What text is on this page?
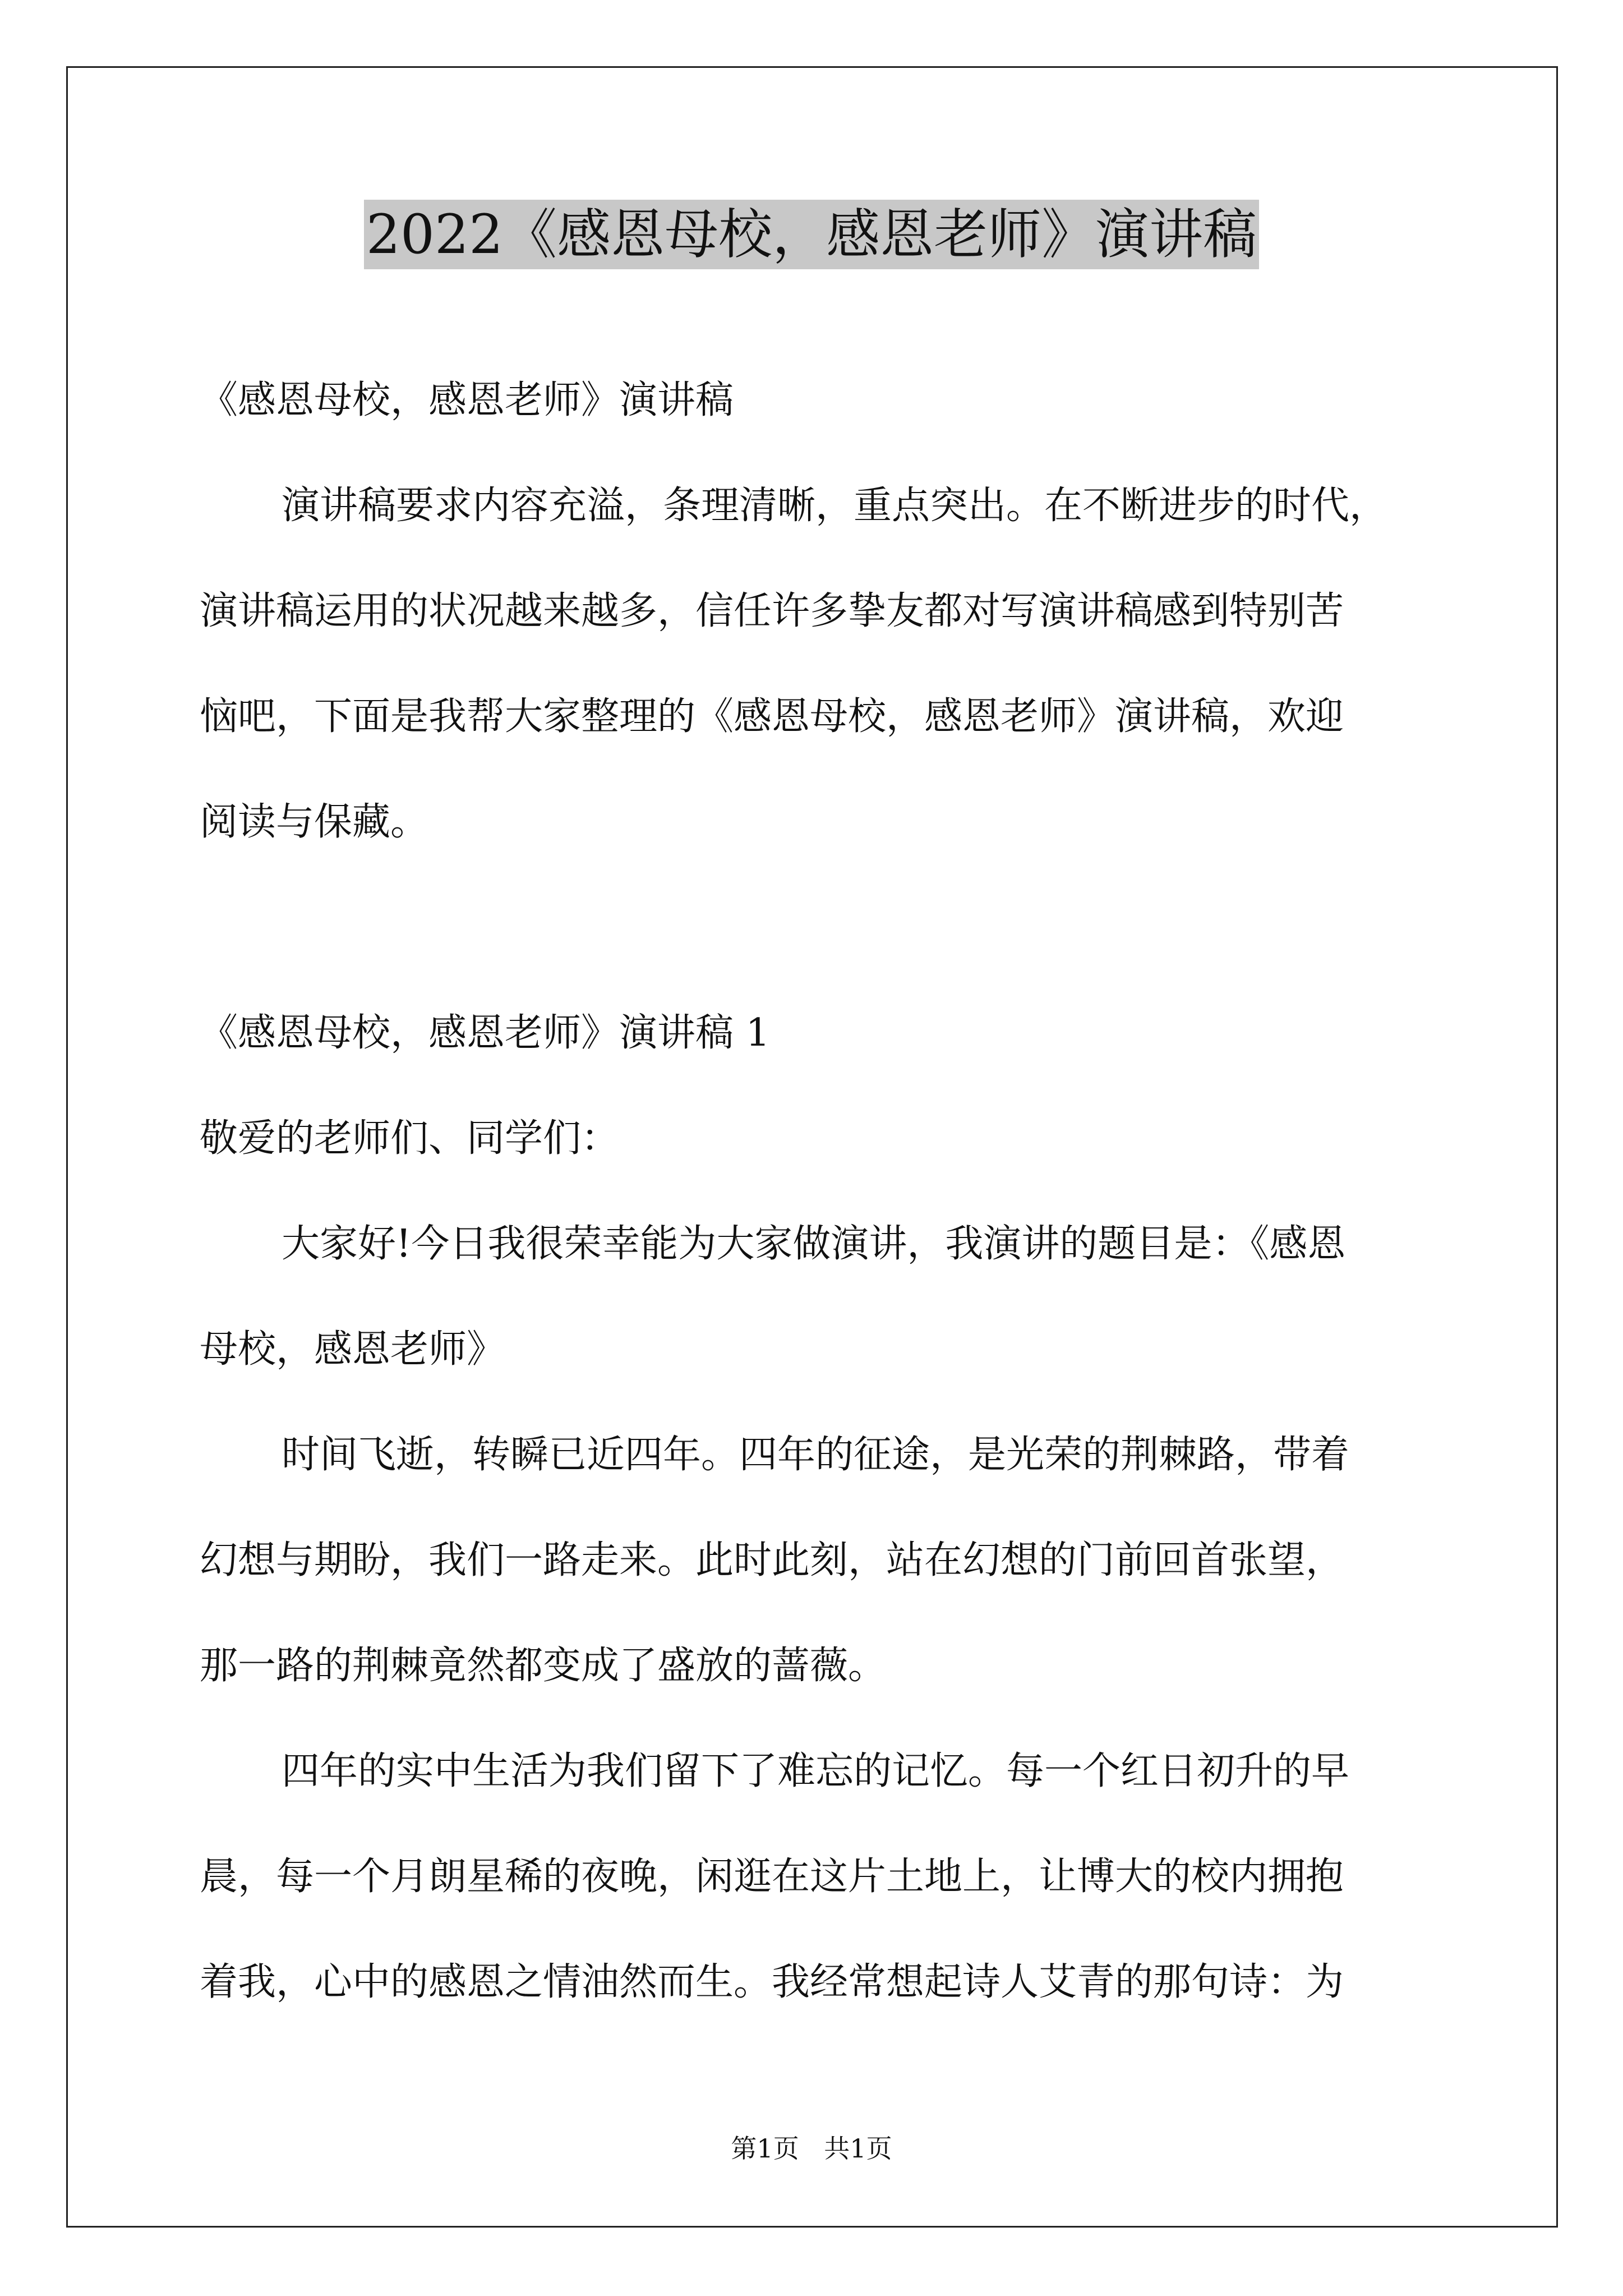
2022《感恩母校，感恩老师》演讲稿

《感恩母校，感恩老师》演讲稿

演讲稿要求内容充溢，条理清晰，重点突出。在不断进步的时代，

演讲稿运用的状况越来越多，信任许多挚友都对写演讲稿感到特别苦

恼吧，下面是我帮大家整理的《感恩母校，感恩老师》演讲稿，欢迎

阅读与保藏。

《感恩母校，感恩老师》演讲稿 1

敬爱的老师们、同学们：

大家好!今日我很荣幸能为大家做演讲，我演讲的题目是：《感恩

母校，感恩老师》

时间飞逝，转瞬已近四年。四年的征途，是光荣的荆棘路，带着

幻想与期盼，我们一路走来。此时此刻，站在幻想的门前回首张望，

那一路的荆棘竟然都变成了盛放的蔷薇。

四年的实中生活为我们留下了难忘的记忆。每一个红日初升的早

晨，每一个月朗星稀的夜晚，闲逛在这片土地上，让博大的校内拥抱

着我，心中的感恩之情油然而生。我经常想起诗人艾青的那句诗：为

第1页 共1页
